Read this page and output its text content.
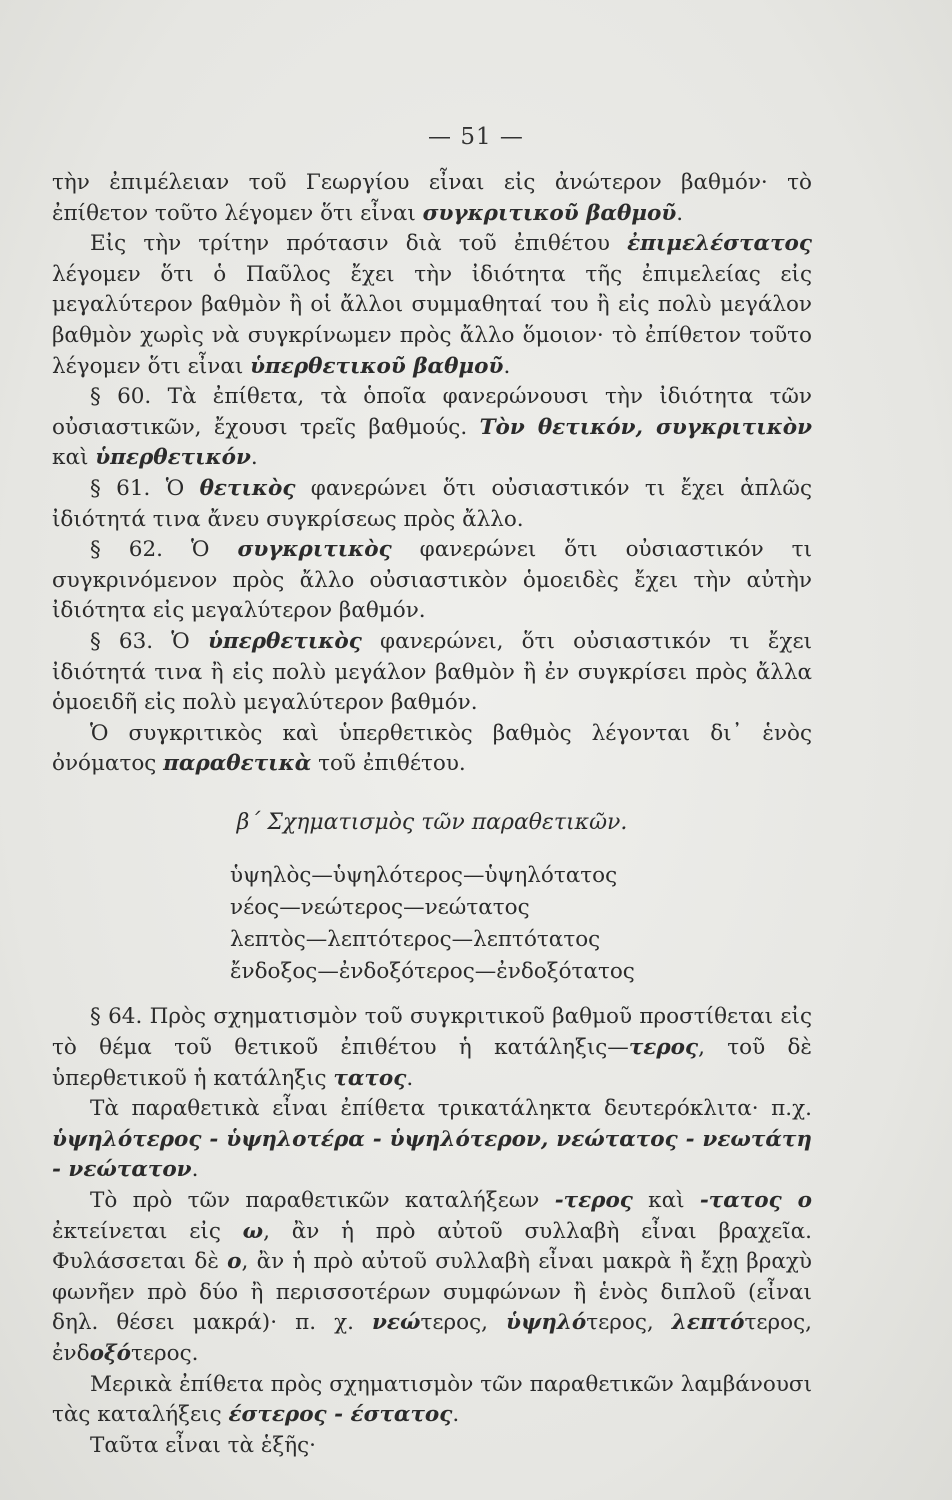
— 51 —

τὴν ἐπιμέλειαν τοῦ Γεωργίου εἶναι εἰς ἀνώτερον βαθμόν· τὸ ἐπίθετον τοῦτο λέγομεν ὅτι εἶναι συγκριτικοῦ βαθμοῦ.

Εἰς τὴν τρίτην πρότασιν διὰ τοῦ ἐπιθέτου ἐπιμελέστατος λέγομεν ὅτι ὁ Παῦλος ἔχει τὴν ἰδιότητα τῆς ἐπιμελείας εἰς μεγαλύτερον βαθμὸν ἢ οἱ ἄλλοι συμμαθηταί του ἢ εἰς πολὺ μεγάλον βαθμὸν χωρὶς νὰ συγκρίνωμεν πρὸς ἄλλο ὅμοιον· τὸ ἐπίθετον τοῦτο λέγομεν ὅτι εἶναι ὑπερθετικοῦ βαθμοῦ.

§ 60. Τὰ ἐπίθετα, τὰ ὁποῖα φανερώνουσι τὴν ἰδιότητα τῶν οὐσιαστικῶν, ἔχουσι τρεῖς βαθμούς. Τὸν θετικόν, συγκριτικὸν καὶ ὑπερθετικόν.

§ 61. Ὁ θετικὸς φανερώνει ὅτι οὐσιαστικόν τι ἔχει ἁπλῶς ἰδιότητά τινα ἄνευ συγκρίσεως πρὸς ἄλλο.

§ 62. Ὁ συγκριτικὸς φανερώνει ὅτι οὐσιαστικόν τι συγκρινόμενον πρὸς ἄλλο οὐσιαστικὸν ὁμοειδὲς ἔχει τὴν αὐτὴν ἰδιότητα εἰς μεγαλύτερον βαθμόν.

§ 63. Ὁ ὑπερθετικὸς φανερώνει, ὅτι οὐσιαστικόν τι ἔχει ἰδιότητά τινα ἢ εἰς πολὺ μεγάλον βαθμὸν ἢ ἐν συγκρίσει πρὸς ἄλλα ὁμοειδῆ εἰς πολὺ μεγαλύτερον βαθμόν.

Ὁ συγκριτικὸς καὶ ὑπερθετικὸς βαθμὸς λέγονται δι᾽ ἑνὸς ὀνόματος παραθετικὰ τοῦ ἐπιθέτου.

β΄ Σχηματισμὸς τῶν παραθετικῶν.

ὑψηλὸς—ὑψηλότερος—ὑψηλότατος
νέος—νεώτερος—νεώτατος
λεπτὸς—λεπτότερος—λεπτότατος
ἔνδοξος—ἐνδοξότερος—ἐνδοξότατος

§ 64. Πρὸς σχηματισμὸν τοῦ συγκριτικοῦ βαθμοῦ προστίθεται εἰς τὸ θέμα τοῦ θετικοῦ ἐπιθέτου ἡ κατάληξις—τερος, τοῦ δὲ ὑπερθετικοῦ ἡ κατάληξις τατος.

Τὰ παραθετικὰ εἶναι ἐπίθετα τρικατάληκτα δευτερόκλιτα· π.χ. ὑψηλότερος - ὑψηλοτέρα - ὑψηλότερον, νεώτατος - νεωτάτη - νεώτατον.

Τὸ πρὸ τῶν παραθετικῶν καταλήξεων -τερος καὶ -τατος ο ἐκτείνεται εἰς ω, ἂν ἡ πρὸ αὐτοῦ συλλαβὴ εἶναι βραχεῖα. Φυλάσσεται δὲ ο, ἂν ἡ πρὸ αὐτοῦ συλλαβὴ εἶναι μακρὰ ἢ ἔχῃ βραχὺ φωνῆεν πρὸ δύο ἢ περισσοτέρων συμφώνων ἢ ἑνὸς διπλοῦ (εἶναι δηλ. θέσει μακρά)· π. χ. νεώτερος, ὑψηλότερος, λεπτότερος, ἐνδοξότερος.

Μερικὰ ἐπίθετα πρὸς σχηματισμὸν τῶν παραθετικῶν λαμβάνουσι τὰς καταλήξεις έστερος - έστατος.

Ταῦτα εἶναι τὰ ἑξῆς·
